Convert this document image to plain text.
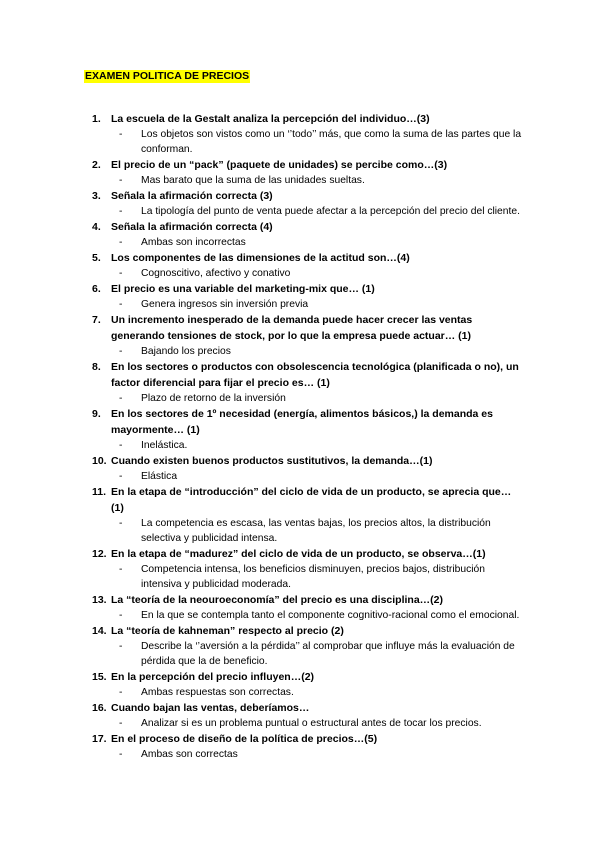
EXAMEN POLITICA DE PRECIOS
1. La escuela de la Gestalt analiza la percepción del individuo…(3)
-	Los objetos son vistos como un ‘’todo’’ más, que como la suma de las partes que la conforman.
2. El precio de un “pack” (paquete de unidades) se percibe como…(3)
-	Mas barato que la suma de las unidades sueltas.
3. Señala la afirmación correcta (3)
-	La tipología del punto de venta puede afectar a la percepción del precio del cliente.
4. Señala la afirmación correcta (4)
-	Ambas son incorrectas
5. Los componentes de las dimensiones de la actitud son…(4)
-	Cognoscitivo, afectivo y conativo
6. El precio es una variable del marketing-mix que… (1)
-	Genera ingresos sin inversión previa
7. Un incremento inesperado de la demanda puede hacer crecer las ventas generando tensiones de stock, por lo que la empresa puede actuar… (1)
-	Bajando los precios
8. En los sectores o productos con obsolescencia tecnológica (planificada o no), un factor diferencial para fijar el precio es… (1)
-	Plazo de retorno de la inversión
9. En los sectores de 1º necesidad (energía, alimentos básicos,) la demanda es mayormente… (1)
-	Inelástica.
10. Cuando existen buenos productos sustitutivos, la demanda…(1)
-	Elástica
11. En la etapa de “introducción” del ciclo de vida de un producto, se aprecia que… (1)
-	La competencia es escasa, las ventas bajas, los precios altos, la distribución selectiva y publicidad intensa.
12. En la etapa de “madurez” del ciclo de vida de un producto, se observa…(1)
-	Competencia intensa, los beneficios disminuyen, precios bajos, distribución intensiva y publicidad moderada.
13. La “teoría de la neouroeconomía” del precio es una disciplina…(2)
-	En la que se contempla tanto el componente cognitivo-racional como el emocional.
14. La “teoría de kahneman” respecto al precio (2)
-	Describe la ‘’aversión a la pérdida’’ al comprobar que influye más la evaluación de pérdida que la de beneficio.
15. En la percepción del precio influyen…(2)
-	Ambas respuestas son correctas.
16. Cuando bajan las ventas, deberíamos…
-	Analizar si es un problema puntual o estructural antes de tocar los precios.
17. En el proceso de diseño de la política de precios…(5)
-	Ambas son correctas
